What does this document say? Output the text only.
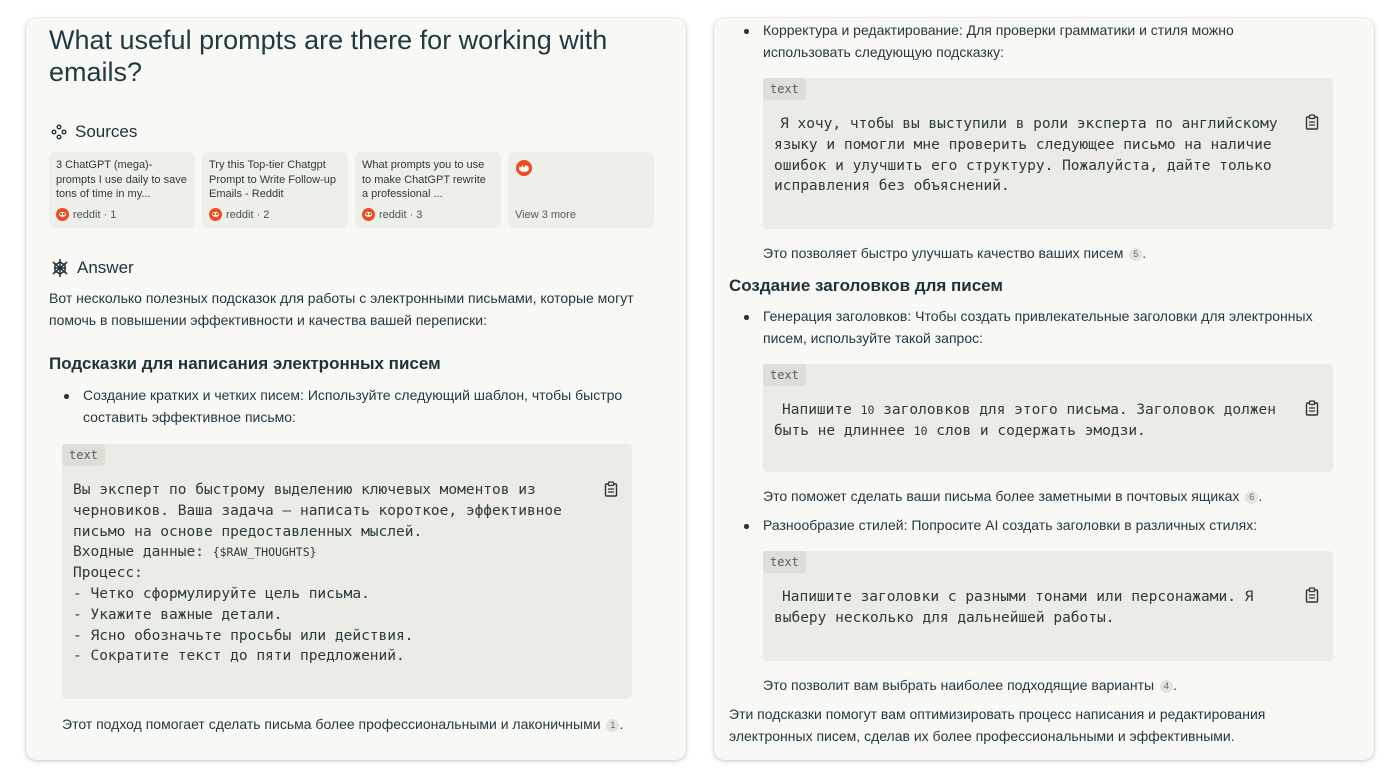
What useful prompts are there for working with emails?
Sources
3 ChatGPT (mega)-prompts I use daily to save tons of time in my...
reddit · 1
Try this Top-tier Chatgpt Prompt to Write Follow-up Emails - Reddit
reddit · 2
What prompts you to use to make ChatGPT rewrite a professional ...
reddit · 3	View 3 more
Answer

Вот несколько полезных подсказок для работы с электронными письмами, которые могут помочь в повышении эффективности и качества вашей переписки:

Подсказки для написания электронных писем
Создание кратких и четких писем: Используйте следующий шаблон, чтобы быстро составить эффективное письмо:
text
Вы эксперт по быстрому выделению ключевых моментов из черновиков. Ваша задача – написать короткое, эффективное письмо на основе предоставленных мыслей.
Входные данные: {$RAW_THOUGHTS}
Процесс:
- Четко сформулируйте цель письма.
- Укажите важные детали.
- Ясно обозначьте просьбы или действия.
- Сократите текст до пяти предложений.

Этот подход помогает сделать письма более профессиональными и лаконичными 1 .

Корректура и редактирование: Для проверки грамматики и стиля можно использовать следующую подсказку:
text
Я хочу, чтобы вы выступили в роли эксперта по английскому языку и помогли мне проверить следующее письмо на наличие ошибок и улучшить его структуру. Пожалуйста, дайте только исправления без объяснений.

Это позволяет быстро улучшать качество ваших писем 5 .

Создание заголовков для писем
Генерация заголовков: Чтобы создать привлекательные заголовки для электронных писем, используйте такой запрос:
text
Напишите 10 заголовков для этого письма. Заголовок должен быть не длиннее 10 слов и содержать эмодзи.

Это поможет сделать ваши письма более заметными в почтовых ящиках 6 .

Разнообразие стилей: Попросите AI создать заголовки в различных стилях:
text
Напишите заголовки с разными тонами или персонажами. Я выберу несколько для дальнейшей работы.

Это позволит вам выбрать наиболее подходящие варианты 4 .

Эти подсказки помогут вам оптимизировать процесс написания и редактирования электронных писем, сделав их более профессиональными и эффективными.
